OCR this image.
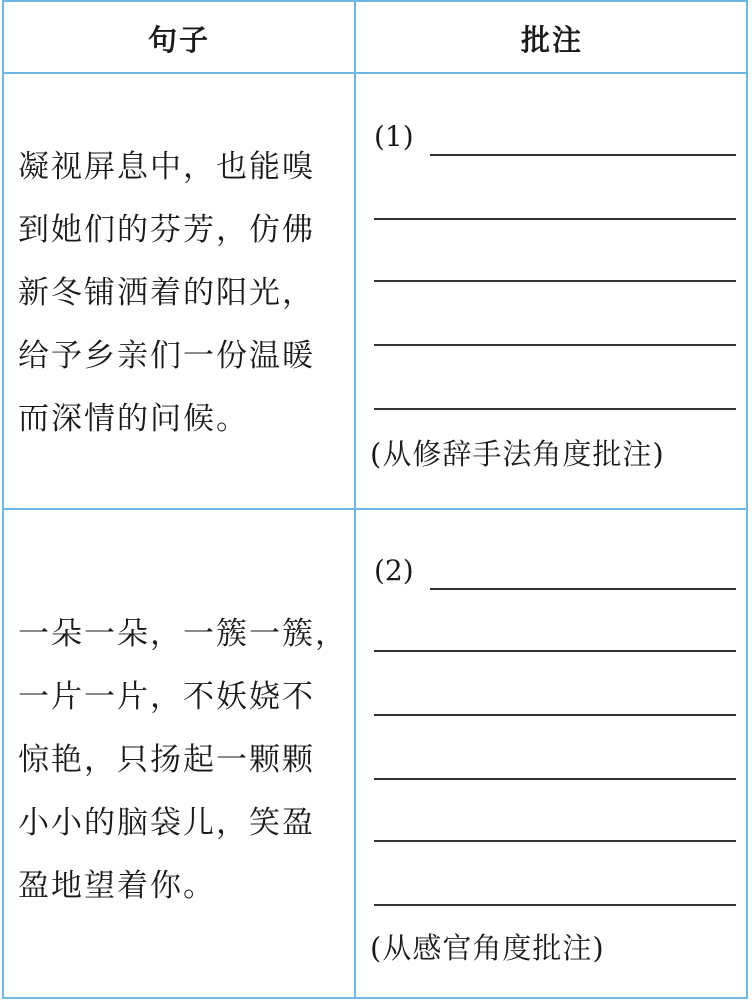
句子	批注
凝视屏息中，也能嗅
到她们的芬芳，仿佛
新冬铺洒着的阳光，
给予乡亲们一份温暖
而深情的问候。
(1)
(从修辞手法角度批注)
一朵一朵，一簇一簇，
一片一片，不妖娆不
惊艳，只扬起一颗颗
小小的脑袋儿，笑盈
盈地望着你。
(2)
(从感官角度批注)
